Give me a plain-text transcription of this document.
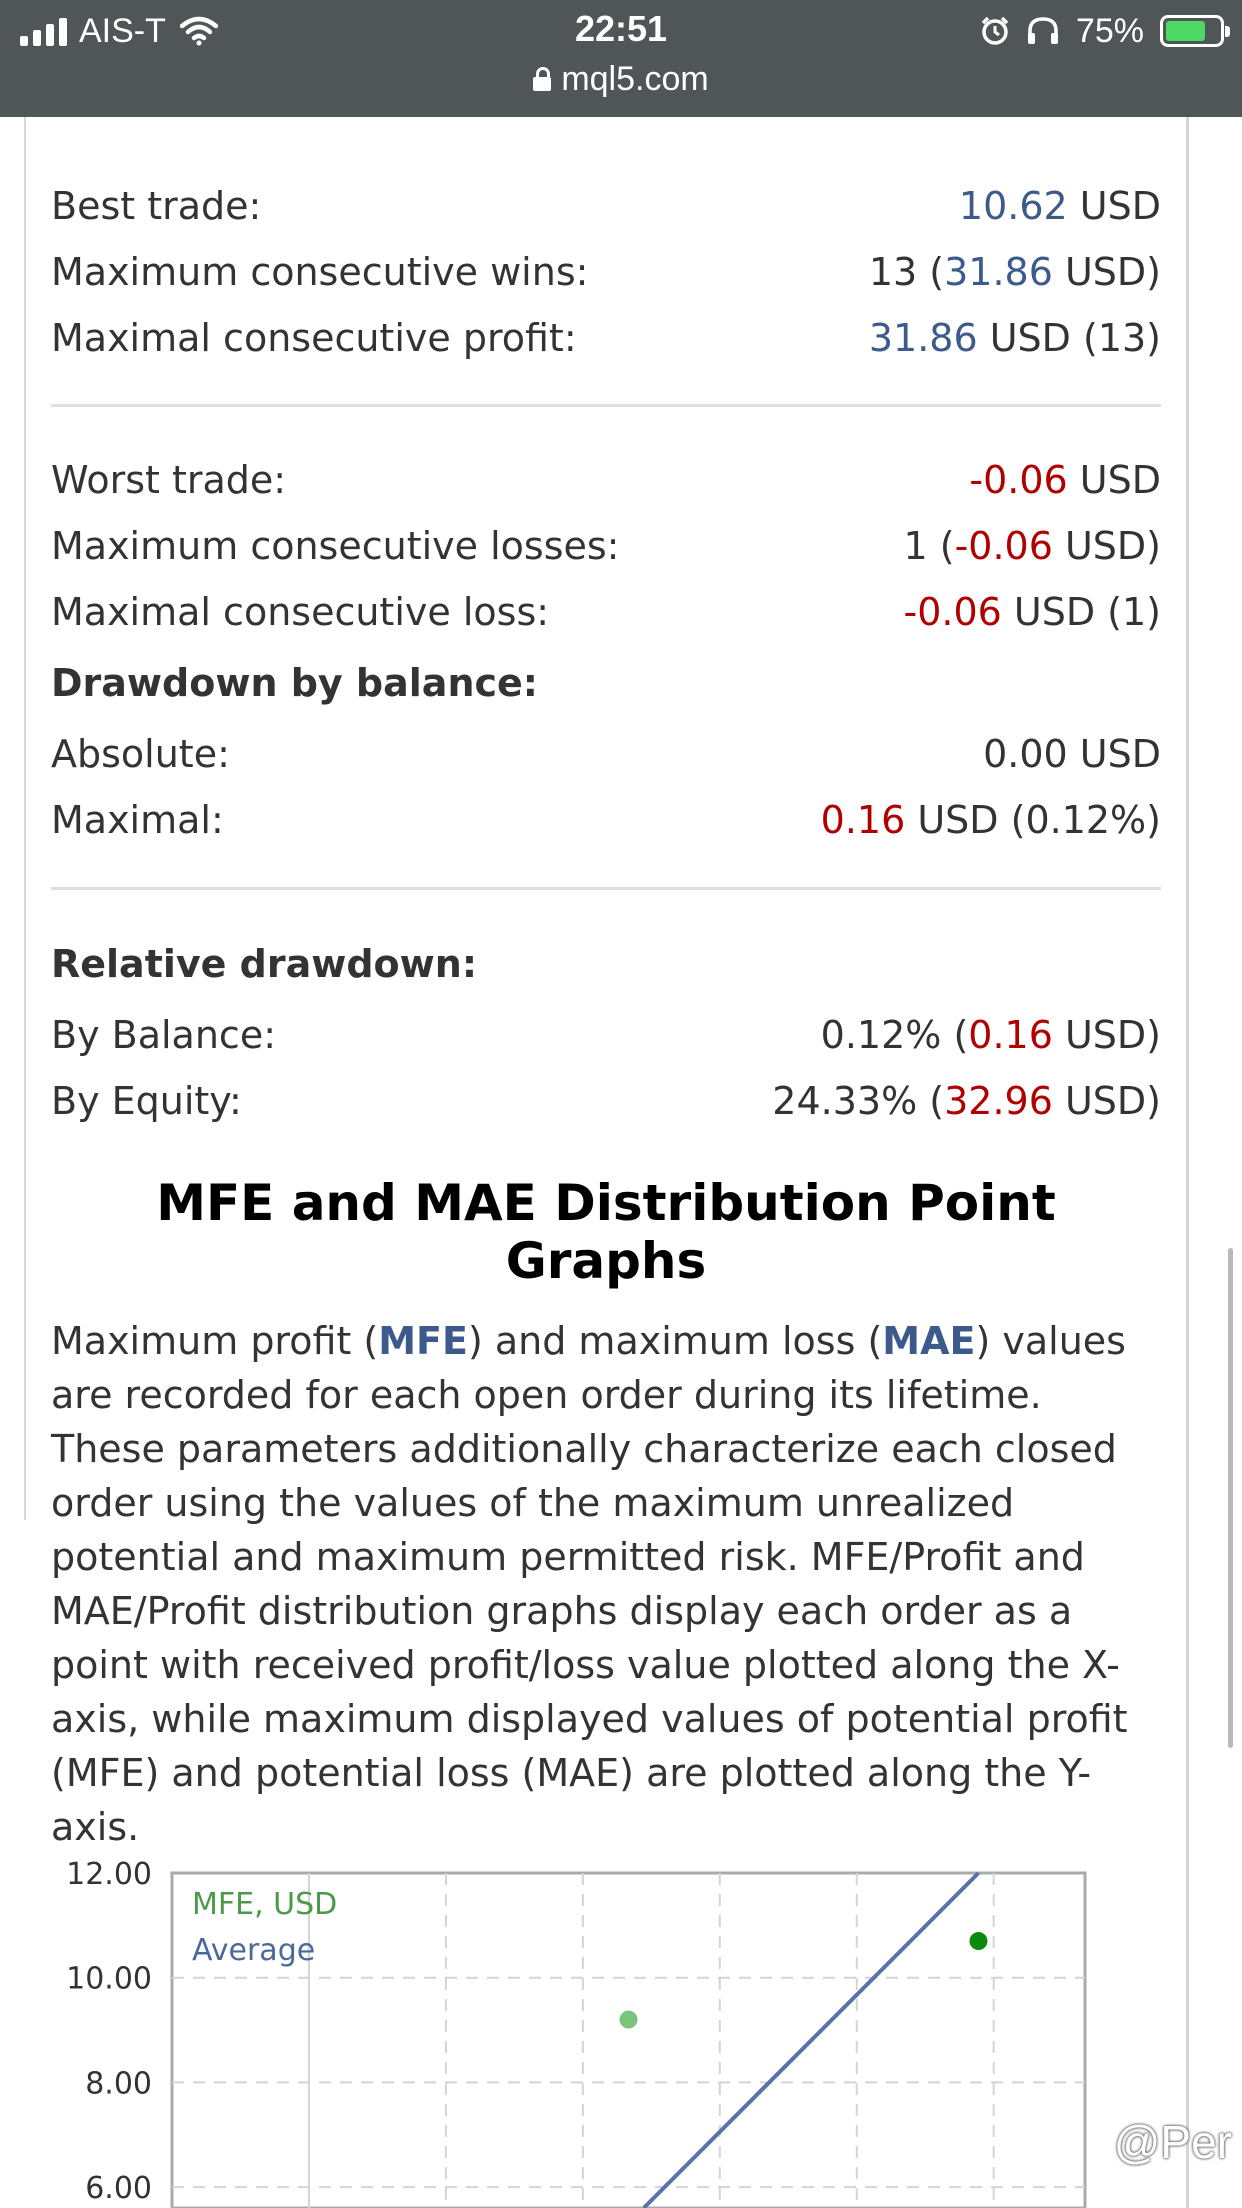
AIS-T	22:51	75%
mql5.com
Best trade:	10.62 USD
Maximum consecutive wins:	13 (31.86 USD)
Maximal consecutive profit:	31.86 USD (13)
Worst trade:	-0.06 USD
Maximum consecutive losses:	1 (-0.06 USD)
Maximal consecutive loss:	-0.06 USD (1)
Drawdown by balance:
Absolute:	0.00 USD
Maximal:	0.16 USD (0.12%)
Relative drawdown:
By Balance:	0.12% (0.16 USD)
By Equity:	24.33% (32.96 USD)
MFE and MAE Distribution Point Graphs

Maximum profit (MFE) and maximum loss (MAE) values are recorded for each open order during its lifetime. These parameters additionally characterize each closed order using the values of the maximum unrealized potential and maximum permitted risk. MFE/Profit and MAE/Profit distribution graphs display each order as a point with received profit/loss value plotted along the X-axis, while maximum displayed values of potential profit (MFE) and potential loss (MAE) are plotted along the Y-axis.

12.00
10.00
8.00
6.00
MFE, USD
Average
@Per
